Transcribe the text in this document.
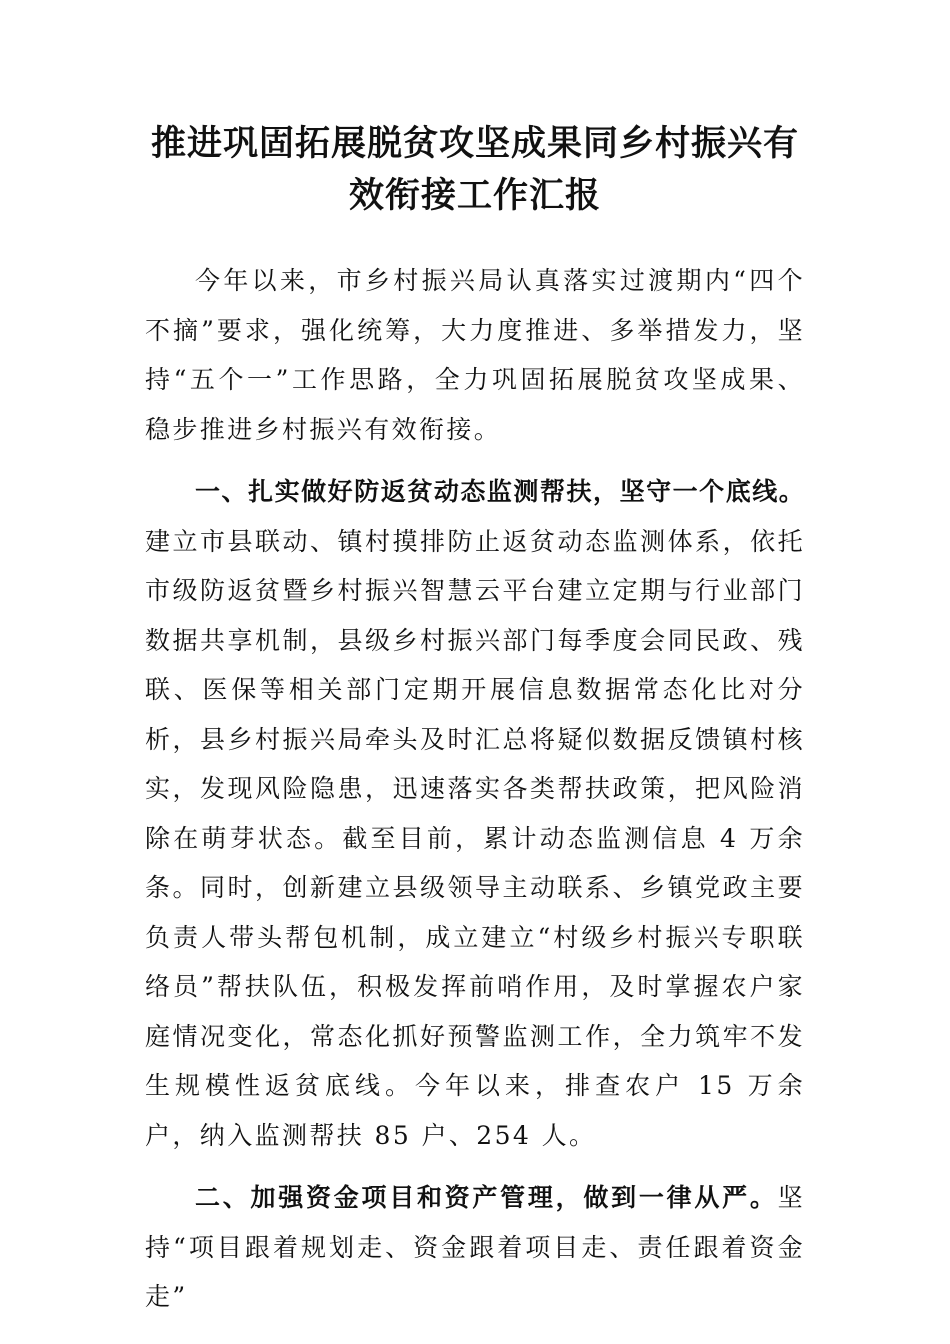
推进巩固拓展脱贫攻坚成果同乡村振兴有
效衔接工作汇报

今年以来，市乡村振兴局认真落实过渡期内“四个不摘”要求，强化统筹，大力度推进、多举措发力，坚持“五个一”工作思路，全力巩固拓展脱贫攻坚成果、稳步推进乡村振兴有效衔接。

一、扎实做好防返贫动态监测帮扶，坚守一个底线。建立市县联动、镇村摸排防止返贫动态监测体系，依托市级防返贫暨乡村振兴智慧云平台建立定期与行业部门数据共享机制，县级乡村振兴部门每季度会同民政、残联、医保等相关部门定期开展信息数据常态化比对分析，县乡村振兴局牵头及时汇总将疑似数据反馈镇村核实，发现风险隐患，迅速落实各类帮扶政策，把风险消除在萌芽状态。截至目前，累计动态监测信息 4 万余条。同时，创新建立县级领导主动联系、乡镇党政主要负责人带头帮包机制，成立建立“村级乡村振兴专职联络员”帮扶队伍，积极发挥前哨作用，及时掌握农户家庭情况变化，常态化抓好预警监测工作，全力筑牢不发生规模性返贫底线。今年以来，排查农户 15 万余户，纳入监测帮扶 85 户、254 人。

二、加强资金项目和资产管理，做到一律从严。坚持“项目跟着规划走、资金跟着项目走、责任跟着资金走”
